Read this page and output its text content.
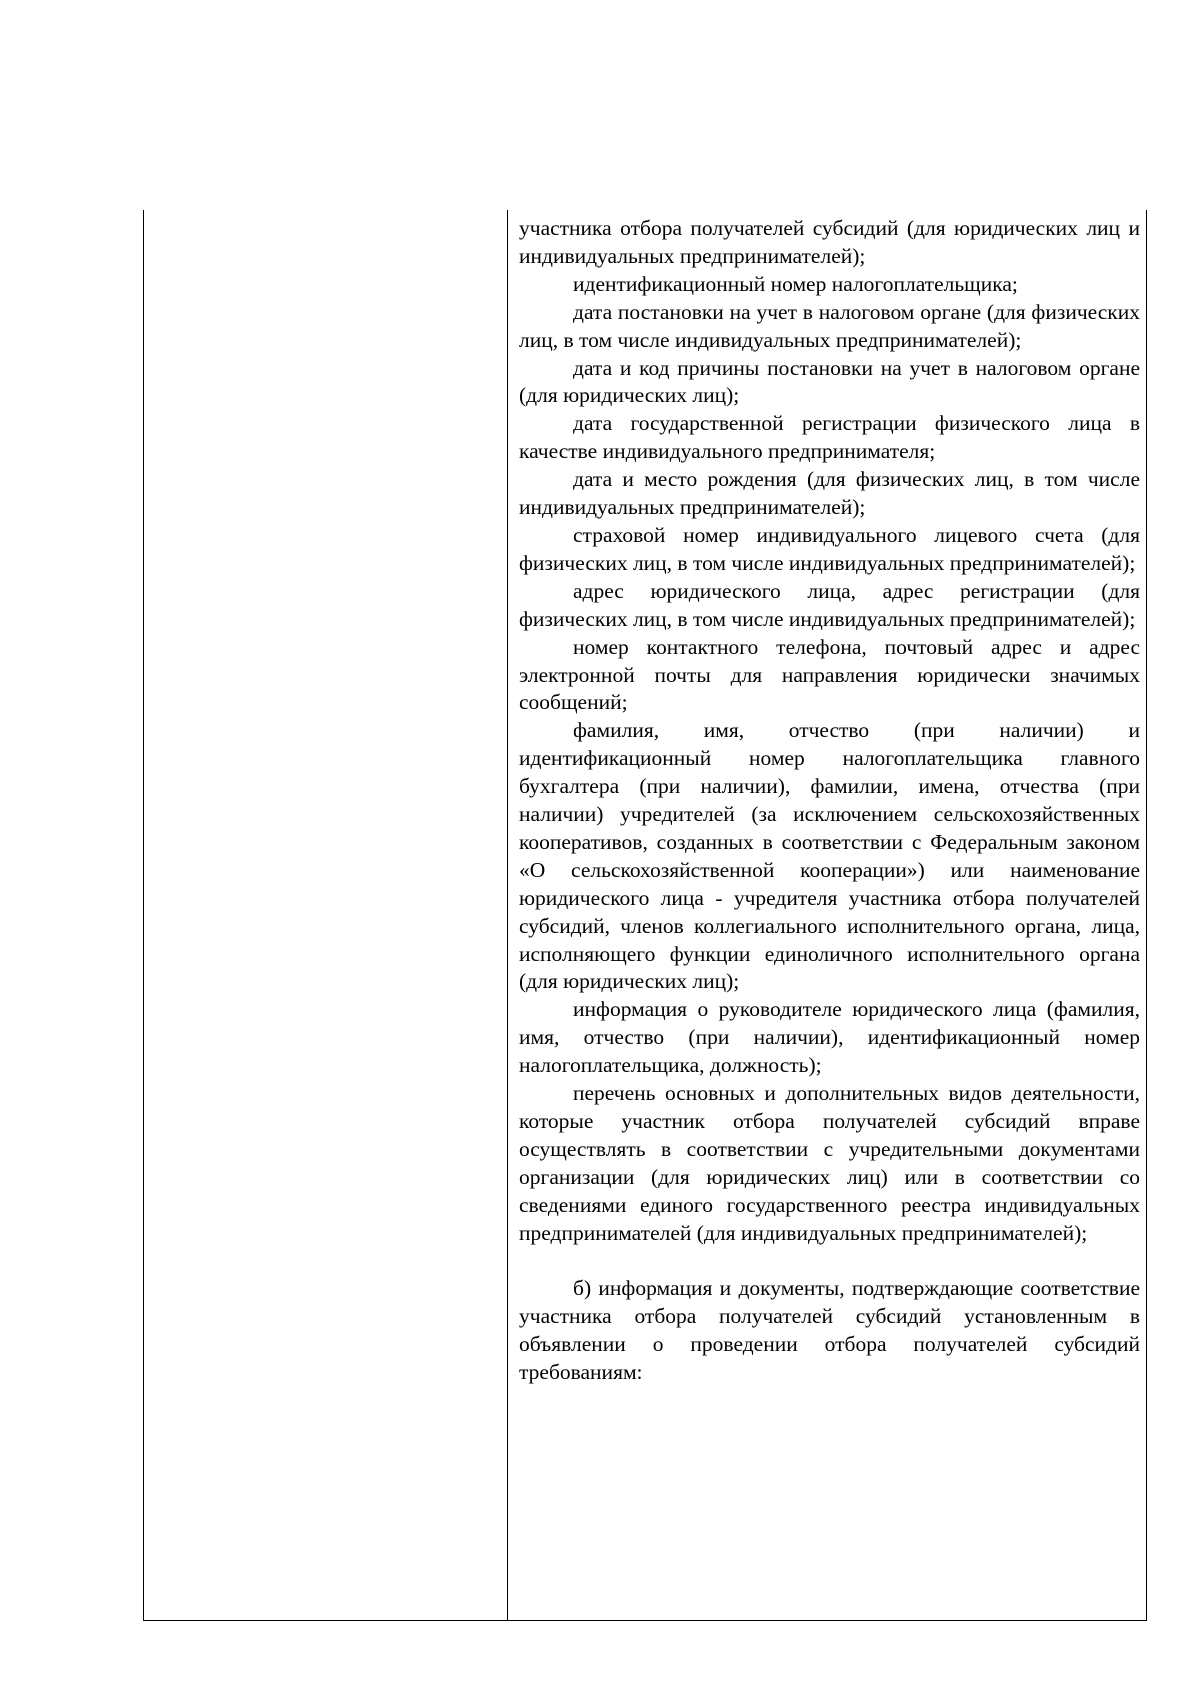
участника отбора получателей субсидий (для юридических лиц и индивидуальных предпринимателей);

идентификационный номер налогоплательщика;

дата постановки на учет в налоговом органе (для физических лиц, в том числе индивидуальных предпринимателей);

дата и код причины постановки на учет в налоговом органе (для юридических лиц);

дата государственной регистрации физического лица в качестве индивидуального предпринимателя;

дата и место рождения (для физических лиц, в том числе индивидуальных предпринимателей);

страховой номер индивидуального лицевого счета (для физических лиц, в том числе индивидуальных предпринимателей);

адрес юридического лица, адрес регистрации (для физических лиц, в том числе индивидуальных предпринимателей);

номер контактного телефона, почтовый адрес и адрес электронной почты для направления юридически значимых сообщений;

фамилия, имя, отчество (при наличии) и идентификационный номер налогоплательщика главного бухгалтера (при наличии), фамилии, имена, отчества (при наличии) учредителей (за исключением сельскохозяйственных кооперативов, созданных в соответствии с Федеральным законом «О сельскохозяйственной кооперации») или наименование юридического лица - учредителя участника отбора получателей субсидий, членов коллегиального исполнительного органа, лица, исполняющего функции единоличного исполнительного органа (для юридических лиц);

информация о руководителе юридического лица (фамилия, имя, отчество (при наличии), идентификационный номер налогоплательщика, должность);

перечень основных и дополнительных видов деятельности, которые участник отбора получателей субсидий вправе осуществлять в соответствии с учредительными документами организации (для юридических лиц) или в соответствии со сведениями единого государственного реестра индивидуальных предпринимателей (для индивидуальных предпринимателей);

б) информация и документы, подтверждающие соответствие участника отбора получателей субсидий установленным в объявлении о проведении отбора получателей субсидий требованиям:
